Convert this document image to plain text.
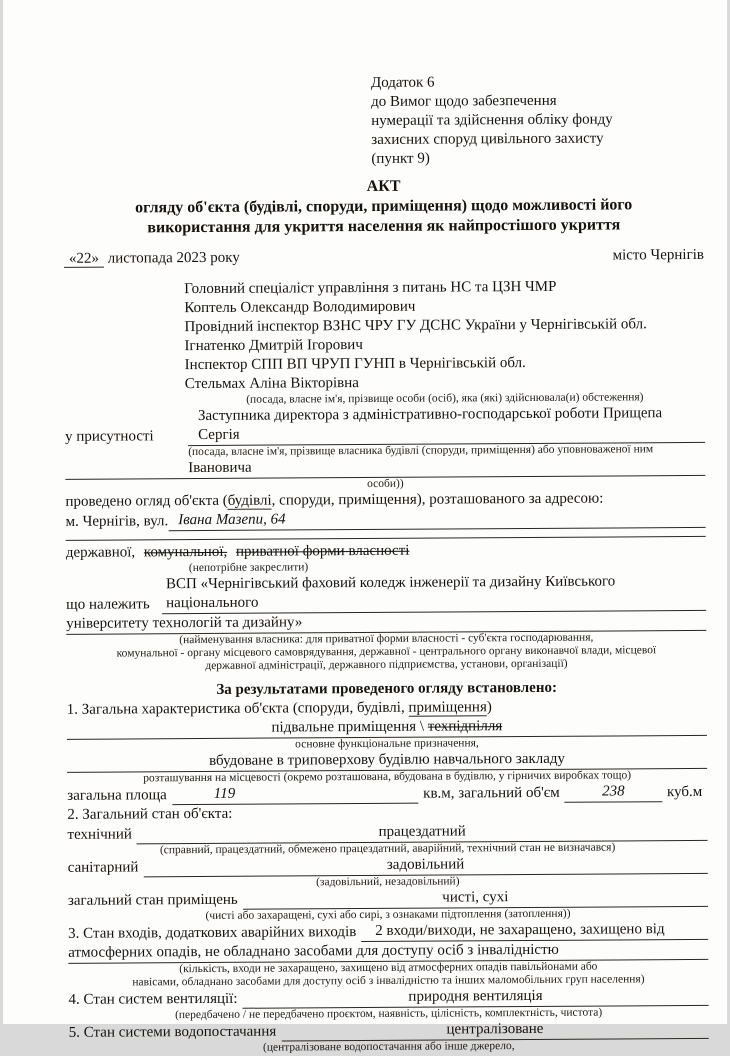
Додаток 6
до Вимог щодо забезпечення
нумерації та здійснення обліку фонду
захисних споруд цивільного захисту
(пункт 9)
АКТ
огляду об'єкта (будівлі, споруди, приміщення) щодо можливості його
використання для укриття населення як найпростішого укриття
«22» листопада 2023 року	місто Чернігів
Головний спеціаліст управління з питань НС та ЦЗН ЧМР
Коптель Олександр Володимирович
Провідний інспектор ВЗНС ЧРУ ГУ ДСНС України у Чернігівській обл.
Ігнатенко Дмитрій Ігорович
Інспектор СПП ВП ЧРУП ГУНП в Чернігівській обл.
Стельмах Аліна Вікторівна
(посада, власне ім'я, прізвище особи (осіб), яка (які) здійснювала(и) обстеження)
у присутності
Заступника директора з адміністративно-господарської роботи Прищепа Сергія
(посада, власне ім'я, прізвище власника будівлі (споруди, приміщення) або уповноваженої ним
Івановича
особи))
проведено огляд об'єкта (будівлі, споруди, приміщення), розташованого за адресою:
м. Чернігів, вул. Івана Мазепи, 64
державної, комунальної, приватної форми власності
(непотрібне закреслити)
що належить
ВСП «Чернігівський фаховий коледж інженерії та дизайну Київського національного
університету технологій та дизайну»
(найменування власника: для приватної форми власності - суб'єкта господарювання,
комунальної - органу місцевого самоврядування, державної - центрального органу виконавчої влади, місцевої
державної адміністрації, державного підприємства, установи, організації)
За результатами проведеного огляду встановлено:
1. Загальна характеристика об'єкта (споруди, будівлі, приміщення)
підвальне приміщення \ техпідпілля
основне функціональне призначення,
вбудоване в триповерхову будівлю навчального закладу
розташування на місцевості (окремо розташована, вбудована в будівлю, у гірничих виробках тощо)
загальна площа	119	кв.м, загальний об'єм	238	куб.м
2. Загальний стан об'єкта:
технічний	працездатний
(справний, працездатний, обмежено працездатний, аварійний, технічний стан не визначався)
санітарний	задовільний
(задовільний, незадовільний)
загальний стан приміщень	чисті, сухі
(чисті або захаращені, сухі або сирі, з ознаками підтоплення (затоплення))
3. Стан входів, додаткових аварійних виходів	2 входи/виходи, не захаращено, захищено від
атмосферних опадів, не обладнано засобами для доступу осіб з інвалідністю
(кількість, входи не захаращено, захищено від атмосферних опадів павільйонами або
навісами, обладнано засобами для доступу осіб з інвалідністю та інших маломобільних груп населення)
4. Стан систем вентиляції:	природня вентиляція
(передбачено / не передбачено проєктом, наявність, цілісність, комплектність, чистота)
5. Стан системи водопостачання	централізоване
(централізоване водопостачання або інше джерело,
